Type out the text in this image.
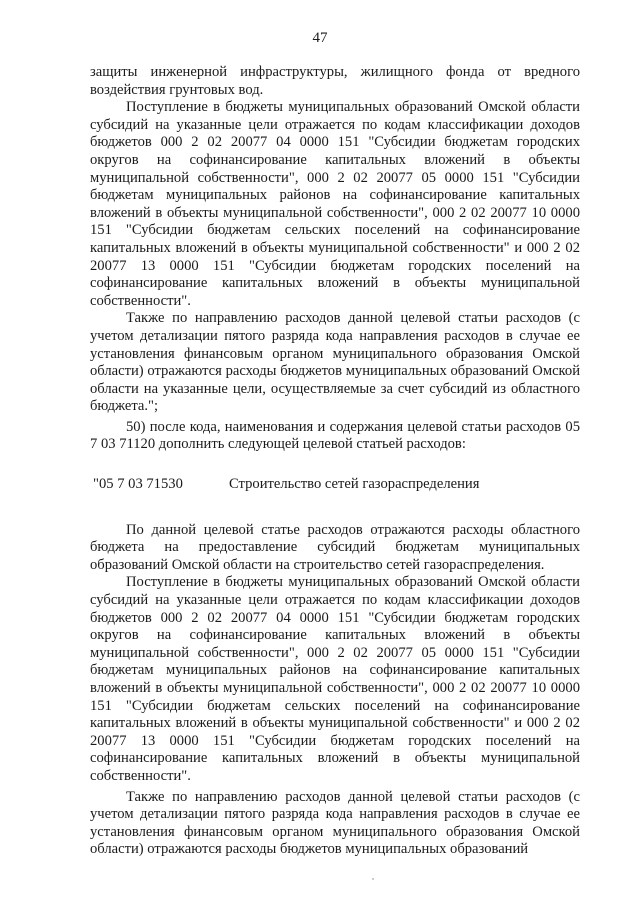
47

защиты инженерной инфраструктуры, жилищного фонда от вредного воздействия грунтовых вод.

Поступление в бюджеты муниципальных образований Омской области субсидий на указанные цели отражается по кодам классификации доходов бюджетов 000 2 02 20077 04 0000 151 "Субсидии бюджетам городских округов на софинансирование капитальных вложений в объекты муниципальной собственности", 000 2 02 20077 05 0000 151 "Субсидии бюджетам муниципальных районов на софинансирование капитальных вложений в объекты муниципальной собственности", 000 2 02 20077 10 0000 151 "Субсидии бюджетам сельских поселений на софинансирование капитальных вложений в объекты муниципальной собственности" и 000 2 02 20077 13 0000 151 "Субсидии бюджетам городских поселений на софинансирование капитальных вложений в объекты муниципальной собственности".

Также по направлению расходов данной целевой статьи расходов (с учетом детализации пятого разряда кода направления расходов в случае ее установления финансовым органом муниципального образования Омской области) отражаются расходы бюджетов муниципальных образований Омской области на указанные цели, осуществляемые за счет субсидий из областного бюджета.";

50) после кода, наименования и содержания целевой статьи расходов 05 7 03 71120 дополнить следующей целевой статьей расходов:

"05 7 03 71530	Строительство сетей газораспределения

По данной целевой статье расходов отражаются расходы областного бюджета на предоставление субсидий бюджетам муниципальных образований Омской области на строительство сетей газораспределения.

Поступление в бюджеты муниципальных образований Омской области субсидий на указанные цели отражается по кодам классификации доходов бюджетов 000 2 02 20077 04 0000 151 "Субсидии бюджетам городских округов на софинансирование капитальных вложений в объекты муниципальной собственности", 000 2 02 20077 05 0000 151 "Субсидии бюджетам муниципальных районов на софинансирование капитальных вложений в объекты муниципальной собственности", 000 2 02 20077 10 0000 151 "Субсидии бюджетам сельских поселений на софинансирование капитальных вложений в объекты муниципальной собственности" и 000 2 02 20077 13 0000 151 "Субсидии бюджетам городских поселений на софинансирование капитальных вложений в объекты муниципальной собственности".

Также по направлению расходов данной целевой статьи расходов (с учетом детализации пятого разряда кода направления расходов в случае ее установления финансовым органом муниципального образования Омской области) отражаются расходы бюджетов муниципальных образований
